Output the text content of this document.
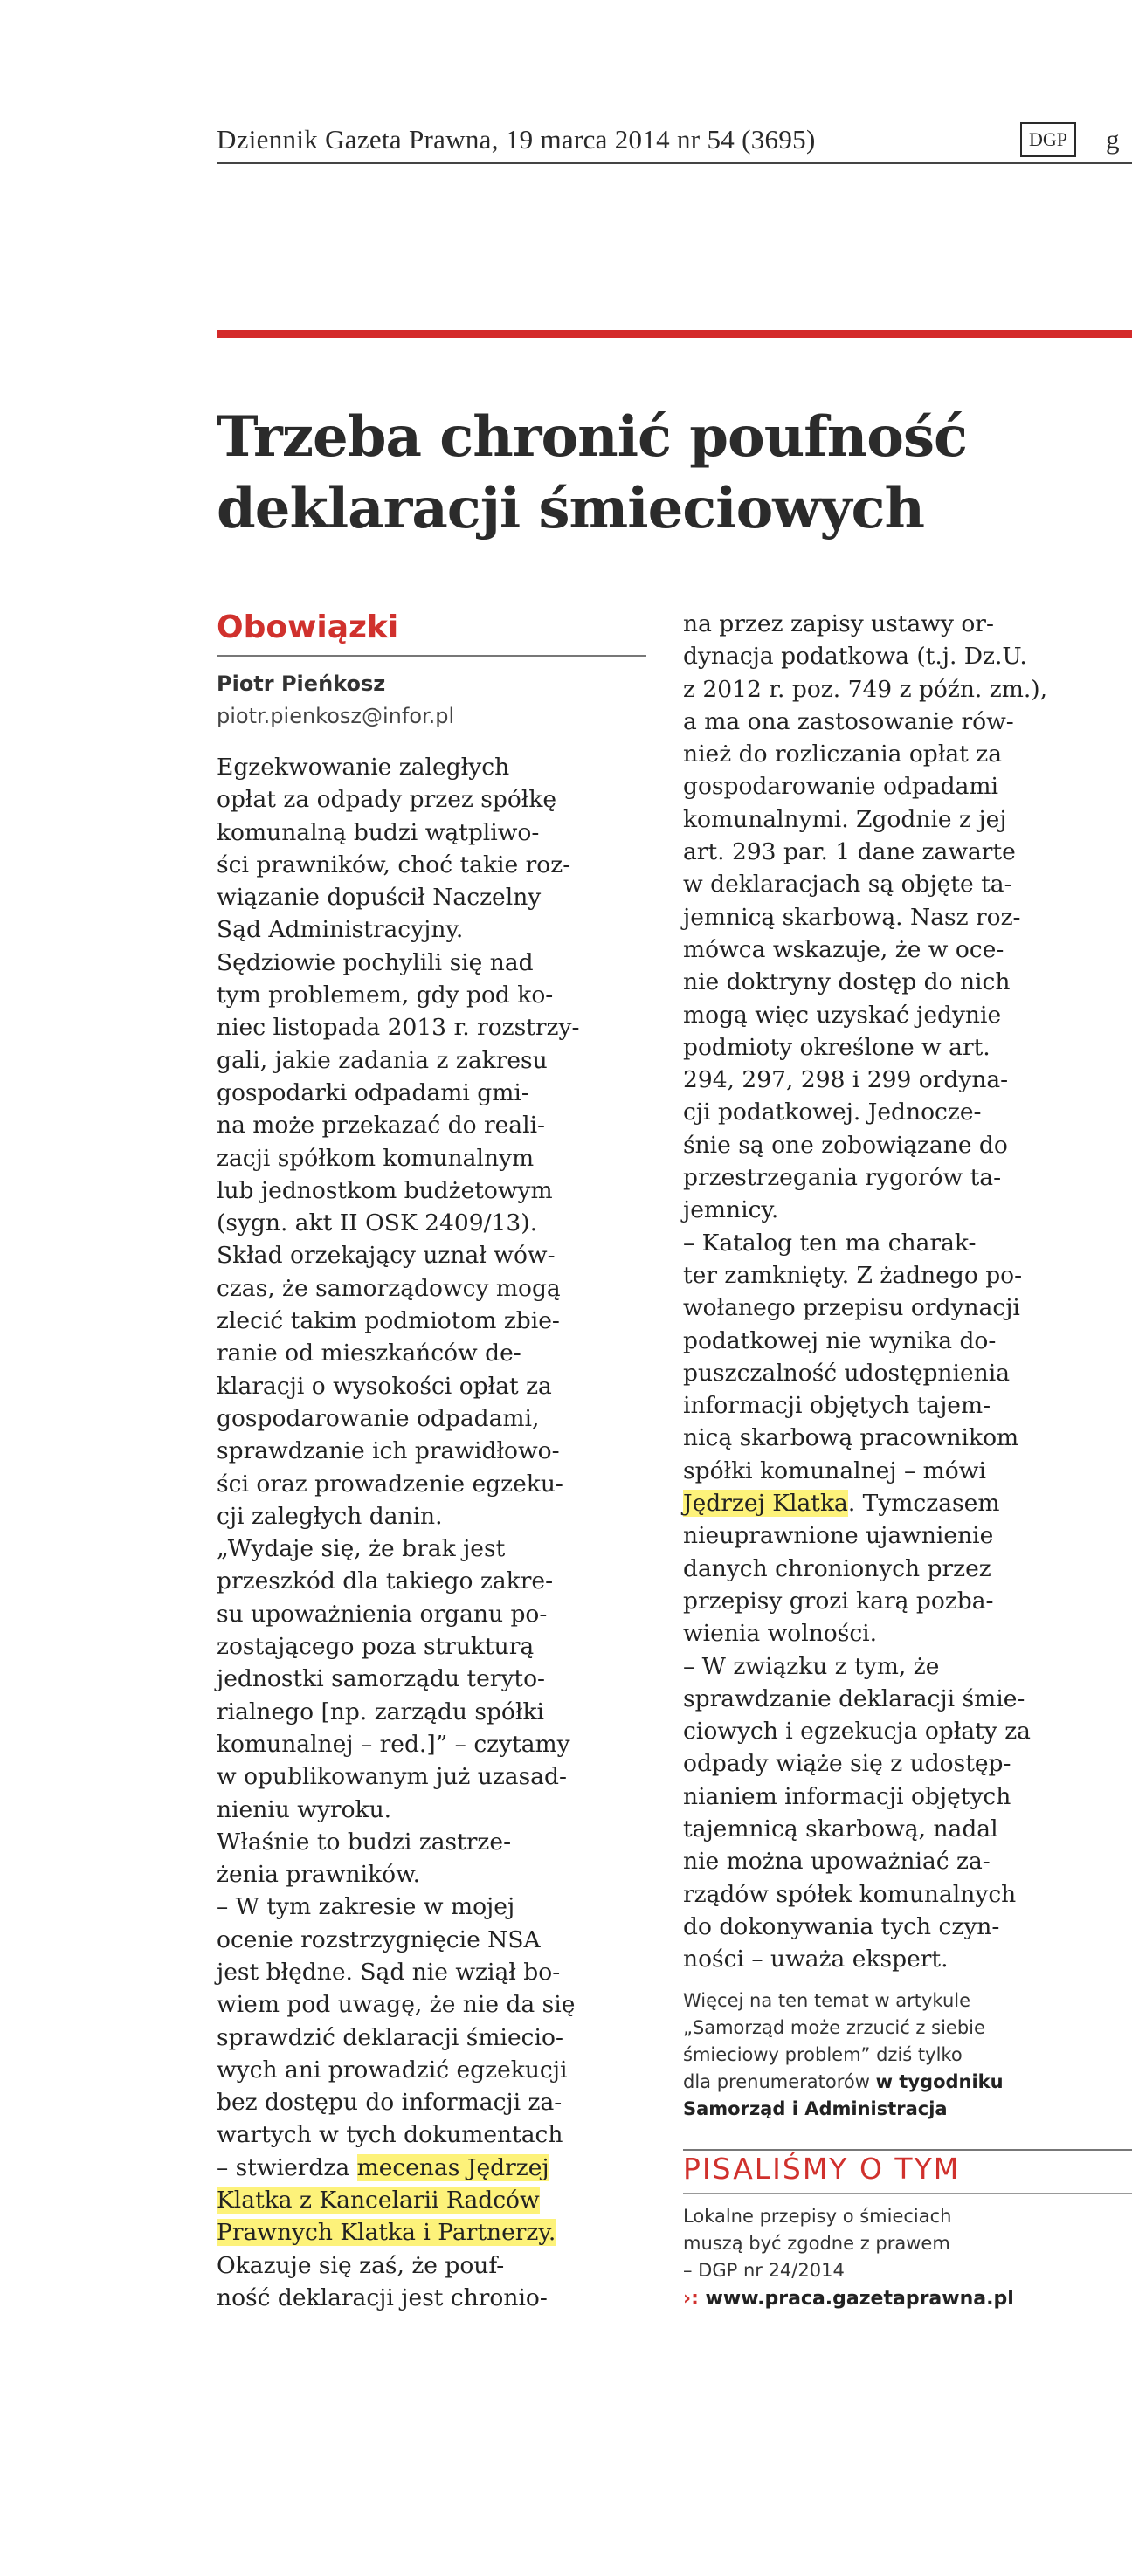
Dziennik Gazeta Prawna, 19 marca 2014 nr 54 (3695)	DGP	g
Trzeba chronić poufność
deklaracji śmieciowych
Obowiązki
Piotr Pieńkosz
piotr.pienkosz@infor.pl
Egzekwowanie zaległych
opłat za odpady przez spółkę
komunalną budzi wątpliwo-
ści prawników, choć takie roz-
wiązanie dopuścił Naczelny
Sąd Administracyjny.
Sędziowie pochylili się nad
tym problemem, gdy pod ko-
niec listopada 2013 r. rozstrzy-
gali, jakie zadania z zakresu
gospodarki odpadami gmi-
na może przekazać do reali-
zacji spółkom komunalnym
lub jednostkom budżetowym
(sygn. akt II OSK 2409/13).
Skład orzekający uznał wów-
czas, że samorządowcy mogą
zlecić takim podmiotom zbie-
ranie od mieszkańców de-
klaracji o wysokości opłat za
gospodarowanie odpadami,
sprawdzanie ich prawidłowo-
ści oraz prowadzenie egzeku-
cji zaległych danin.
„Wydaje się, że brak jest
przeszkód dla takiego zakre-
su upoważnienia organu po-
zostającego poza strukturą
jednostki samorządu teryto-
rialnego [np. zarządu spółki
komunalnej – red.]” – czytamy
w opublikowanym już uzasad-
nieniu wyroku.
Właśnie to budzi zastrze-
żenia prawników.
– W tym zakresie w mojej
ocenie rozstrzygnięcie NSA
jest błędne. Sąd nie wziął bo-
wiem pod uwagę, że nie da się
sprawdzić deklaracji śmiecio-
wych ani prowadzić egzekucji
bez dostępu do informacji za-
wartych w tych dokumentach
– stwierdza mecenas Jędrzej
Klatka z Kancelarii Radców
Prawnych Klatka i Partnerzy.
Okazuje się zaś, że pouf-
ność deklaracji jest chronio-
na przez zapisy ustawy or-
dynacja podatkowa (t.j. Dz.U.
z 2012 r. poz. 749 z późn. zm.),
a ma ona zastosowanie rów-
nież do rozliczania opłat za
gospodarowanie odpadami
komunalnymi. Zgodnie z jej
art. 293 par. 1 dane zawarte
w deklaracjach są objęte ta-
jemnicą skarbową. Nasz roz-
mówca wskazuje, że w oce-
nie doktryny dostęp do nich
mogą więc uzyskać jedynie
podmioty określone w art.
294, 297, 298 i 299 ordyna-
cji podatkowej. Jednocze-
śnie są one zobowiązane do
przestrzegania rygorów ta-
jemnicy.
– Katalog ten ma charak-
ter zamknięty. Z żadnego po-
wołanego przepisu ordynacji
podatkowej nie wynika do-
puszczalność udostępnienia
informacji objętych tajem-
nicą skarbową pracownikom
spółki komunalnej – mówi
Jędrzej Klatka. Tymczasem
nieuprawnione ujawnienie
danych chronionych przez
przepisy grozi karą pozba-
wienia wolności.
– W związku z tym, że
sprawdzanie deklaracji śmie-
ciowych i egzekucja opłaty za
odpady wiąże się z udostęp-
nianiem informacji objętych
tajemnicą skarbową, nadal
nie można upoważniać za-
rządów spółek komunalnych
do dokonywania tych czyn-
ności – uważa ekspert.
Więcej na ten temat w artykule
„Samorząd może zrzucić z siebie
śmieciowy problem” dziś tylko
dla prenumeratorów w tygodniku
Samorząd i Administracja
PISALIŚMY O TYM
Lokalne przepisy o śmieciach
muszą być zgodne z prawem
– DGP nr 24/2014
›: www.praca.gazetaprawna.pl
